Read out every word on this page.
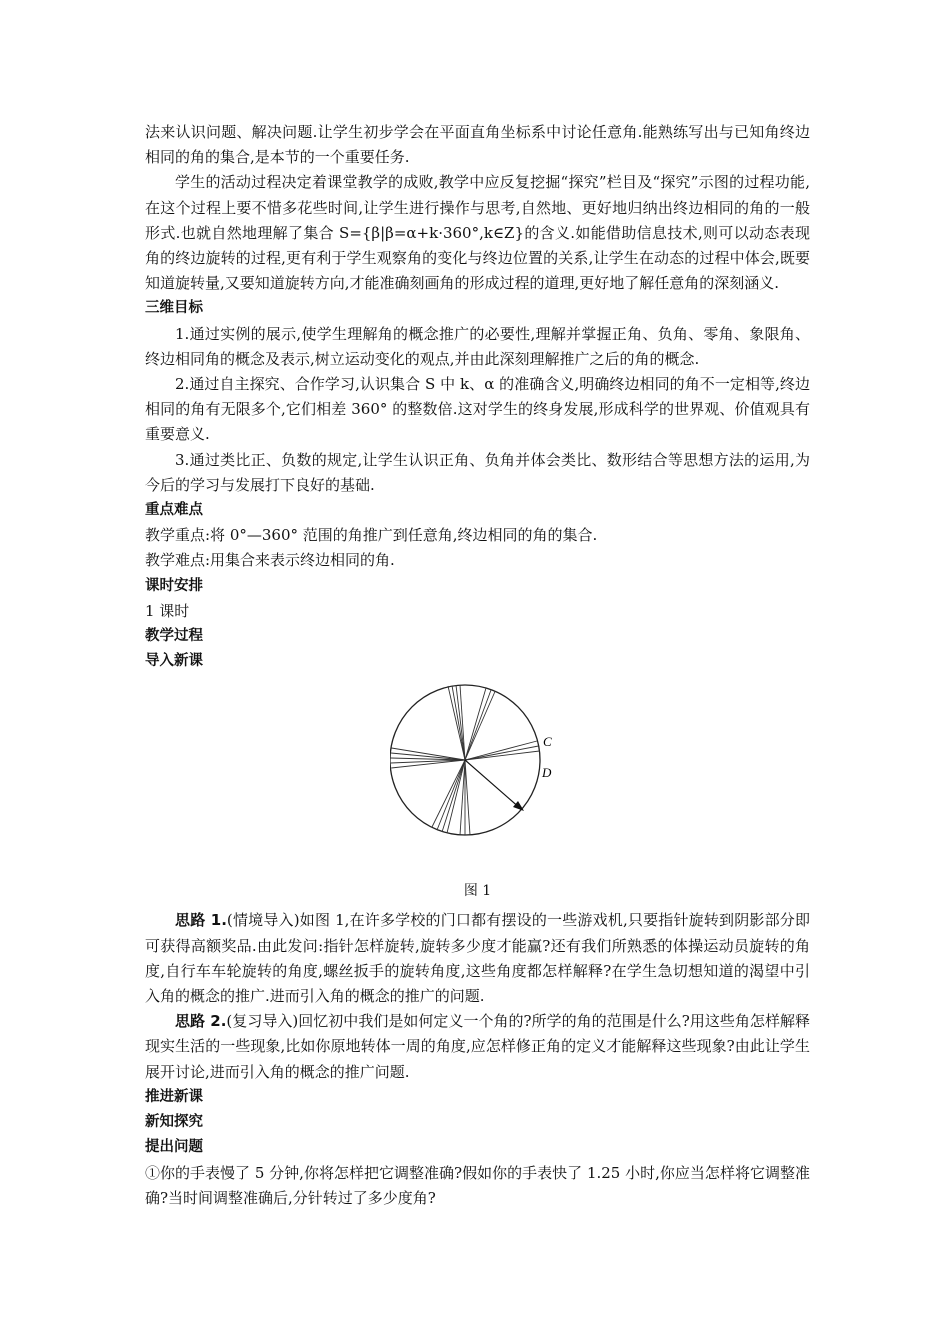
法来认识问题、解决问题.让学生初步学会在平面直角坐标系中讨论任意角.能熟练写出与已知角终边相同的角的集合,是本节的一个重要任务.

学生的活动过程决定着课堂教学的成败,教学中应反复挖掘“探究”栏目及“探究”示图的过程功能,在这个过程上要不惜多花些时间,让学生进行操作与思考,自然地、更好地归纳出终边相同的角的一般形式.也就自然地理解了集合 S={β|β=α+k·360°,k∈Z}的含义.如能借助信息技术,则可以动态表现角的终边旋转的过程,更有利于学生观察角的变化与终边位置的关系,让学生在动态的过程中体会,既要知道旋转量,又要知道旋转方向,才能准确刻画角的形成过程的道理,更好地了解任意角的深刻涵义.

三维目标

1.通过实例的展示,使学生理解角的概念推广的必要性,理解并掌握正角、负角、零角、象限角、终边相同角的概念及表示,树立运动变化的观点,并由此深刻理解推广之后的角的概念.

2.通过自主探究、合作学习,认识集合 S 中 k、α 的准确含义,明确终边相同的角不一定相等,终边相同的角有无限多个,它们相差 360° 的整数倍.这对学生的终身发展,形成科学的世界观、价值观具有重要意义.

3.通过类比正、负数的规定,让学生认识正角、负角并体会类比、数形结合等思想方法的运用,为今后的学习与发展打下良好的基础.

重点难点

教学重点:将 0°—360° 范围的角推广到任意角,终边相同的角的集合.

教学难点:用集合来表示终边相同的角.

课时安排

1 课时

教学过程
导入新课
C
D
图 1

思路 1.(情境导入)如图 1,在许多学校的门口都有摆设的一些游戏机,只要指针旋转到阴影部分即可获得高额奖品.由此发问:指针怎样旋转,旋转多少度才能赢?还有我们所熟悉的体操运动员旋转的角度,自行车车轮旋转的角度,螺丝扳手的旋转角度,这些角度都怎样解释?在学生急切想知道的渴望中引入角的概念的推广.进而引入角的概念的推广的问题.

思路 2.(复习导入)回忆初中我们是如何定义一个角的?所学的角的范围是什么?用这些角怎样解释现实生活的一些现象,比如你原地转体一周的角度,应怎样修正角的定义才能解释这些现象?由此让学生展开讨论,进而引入角的概念的推广问题.

推进新课
新知探究
提出问题

①你的手表慢了 5 分钟,你将怎样把它调整准确?假如你的手表快了 1.25 小时,你应当怎样将它调整准确?当时间调整准确后,分针转过了多少度角?
